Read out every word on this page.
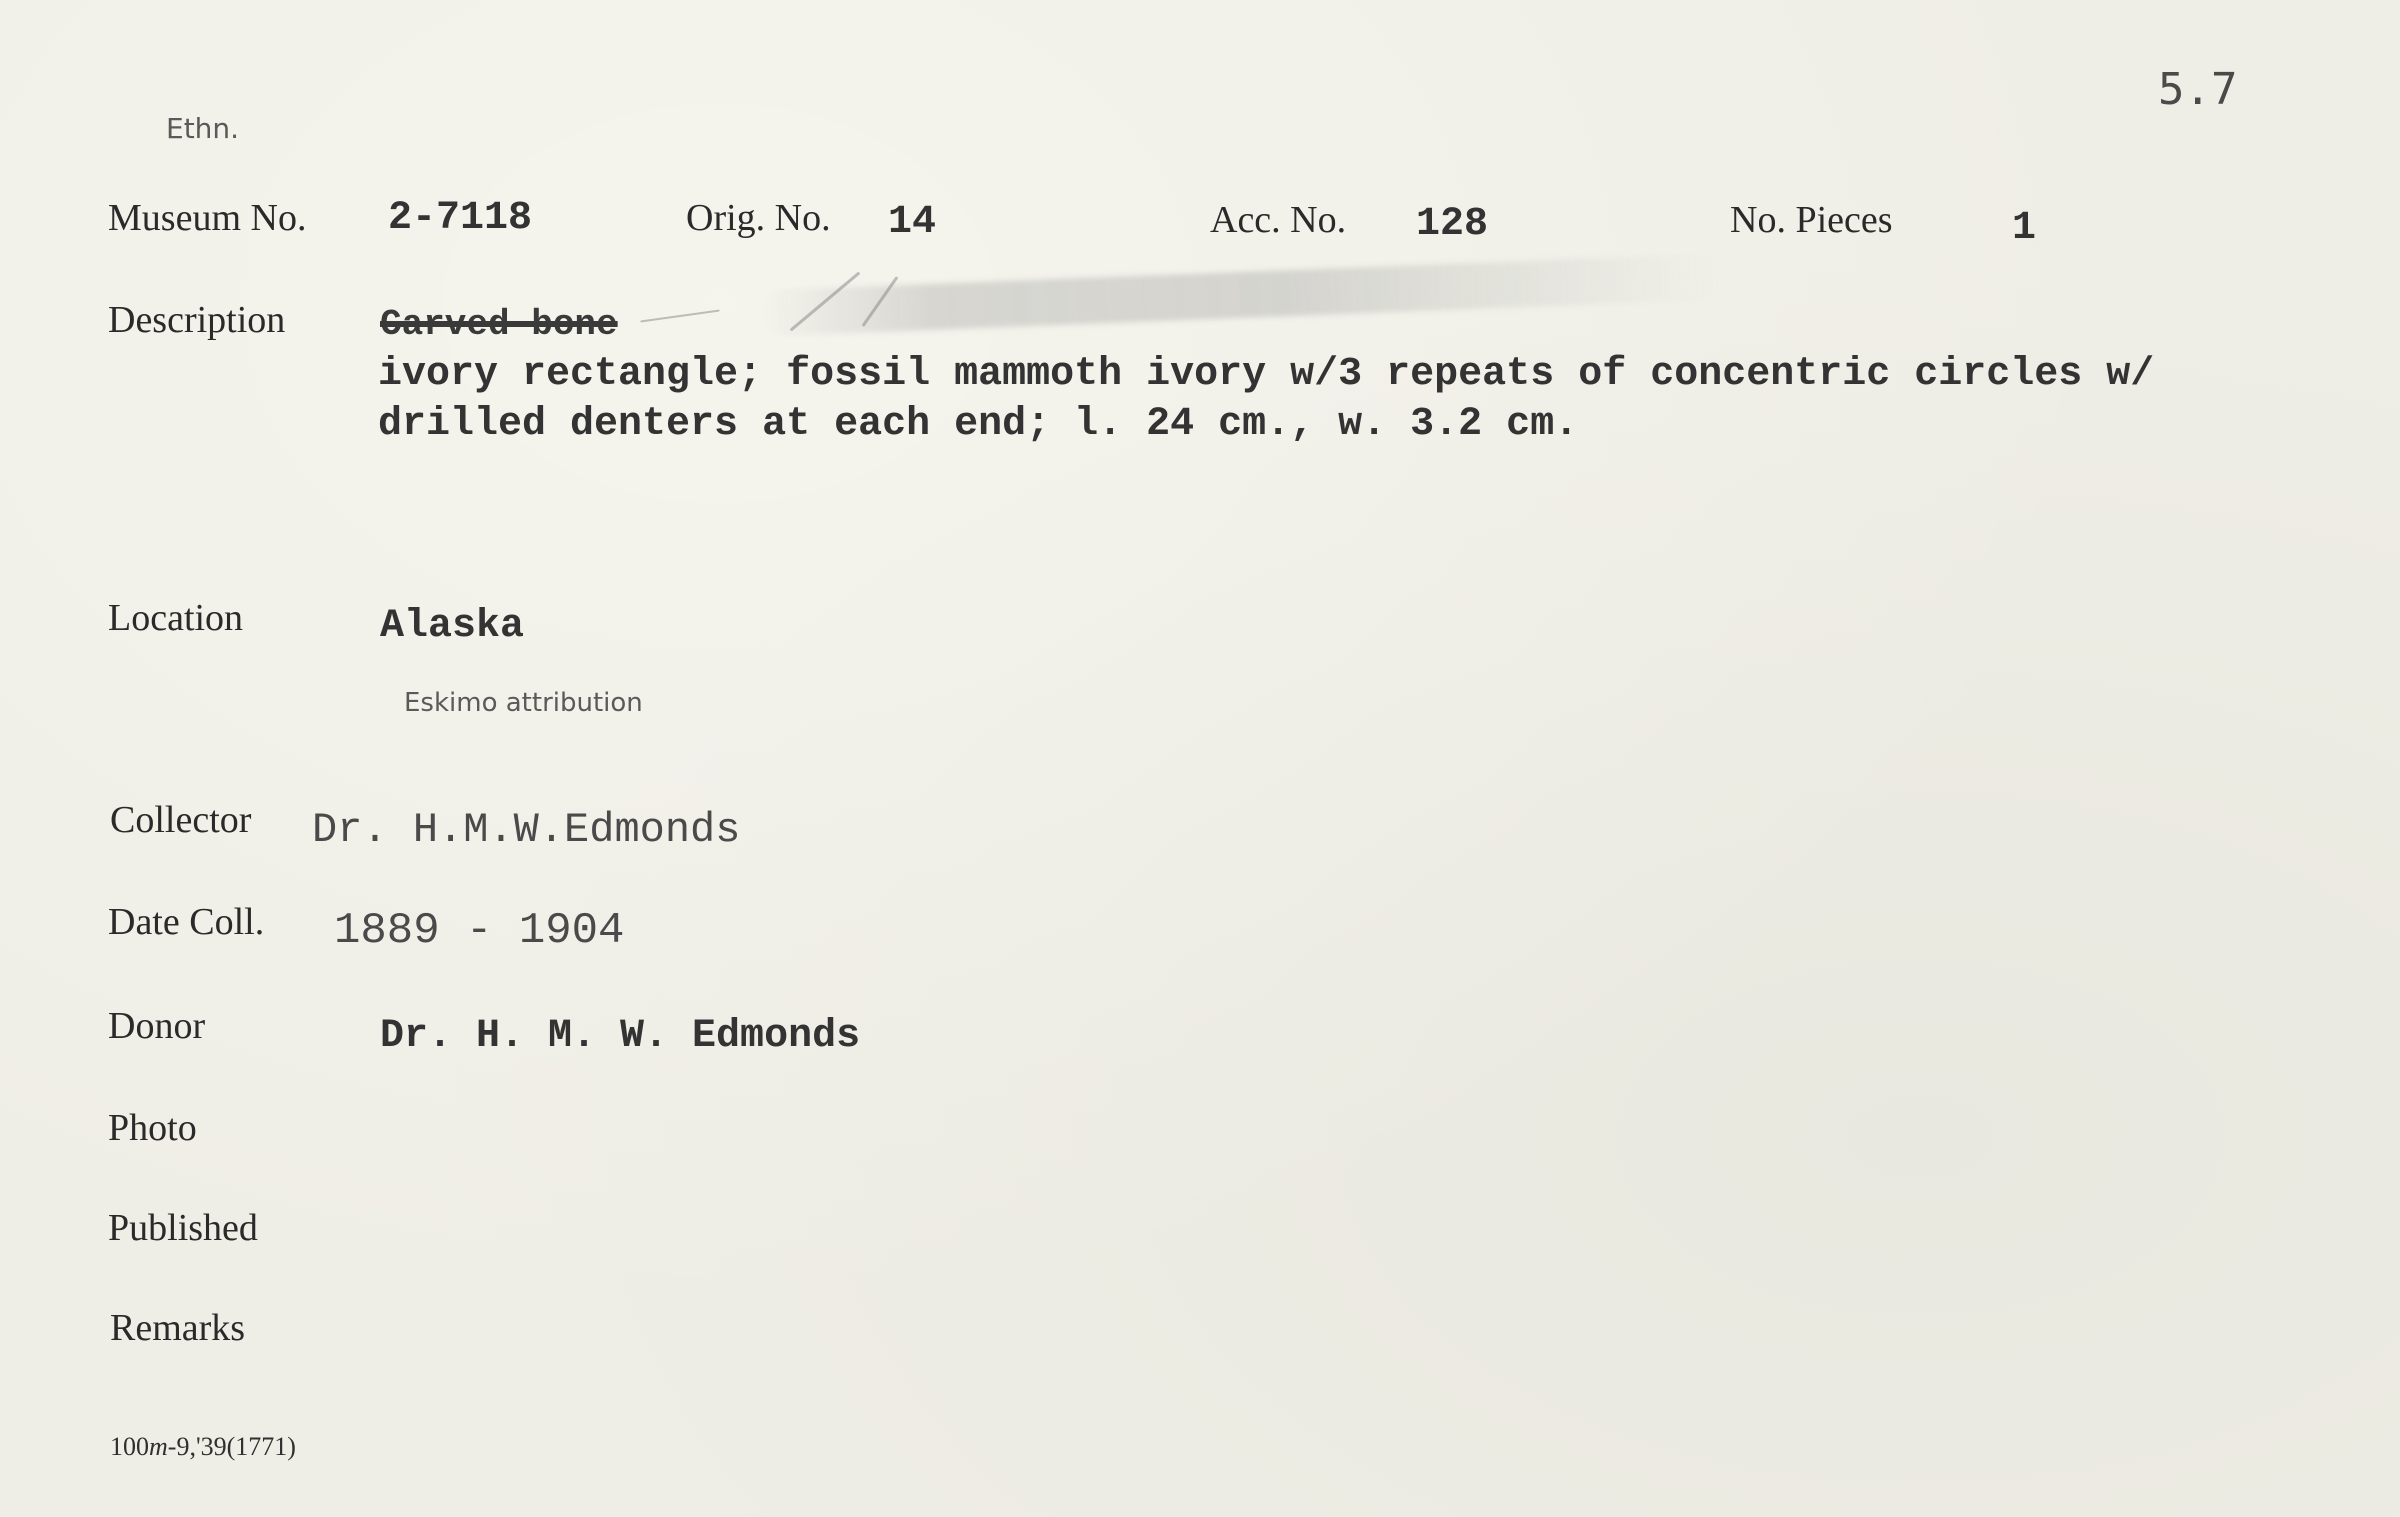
5.7
Ethn.
Museum No. 2-7118	Orig. No. 14	Acc. No. 128	No. Pieces	1
Description	Carved bone
ivory rectangle; fossil mammoth ivory w/3 repeats of concentric circles w/
drilled denters at each end; l. 24 cm., w. 3.2 cm.
Location	Alaska
Eskimo attribution
Collector Dr. H.M.W.Edmonds
Date Coll. 1889 - 1904
Donor	Dr. H. M. W. Edmonds
Photo
Published
Remarks
100m-9,'39(1771)
